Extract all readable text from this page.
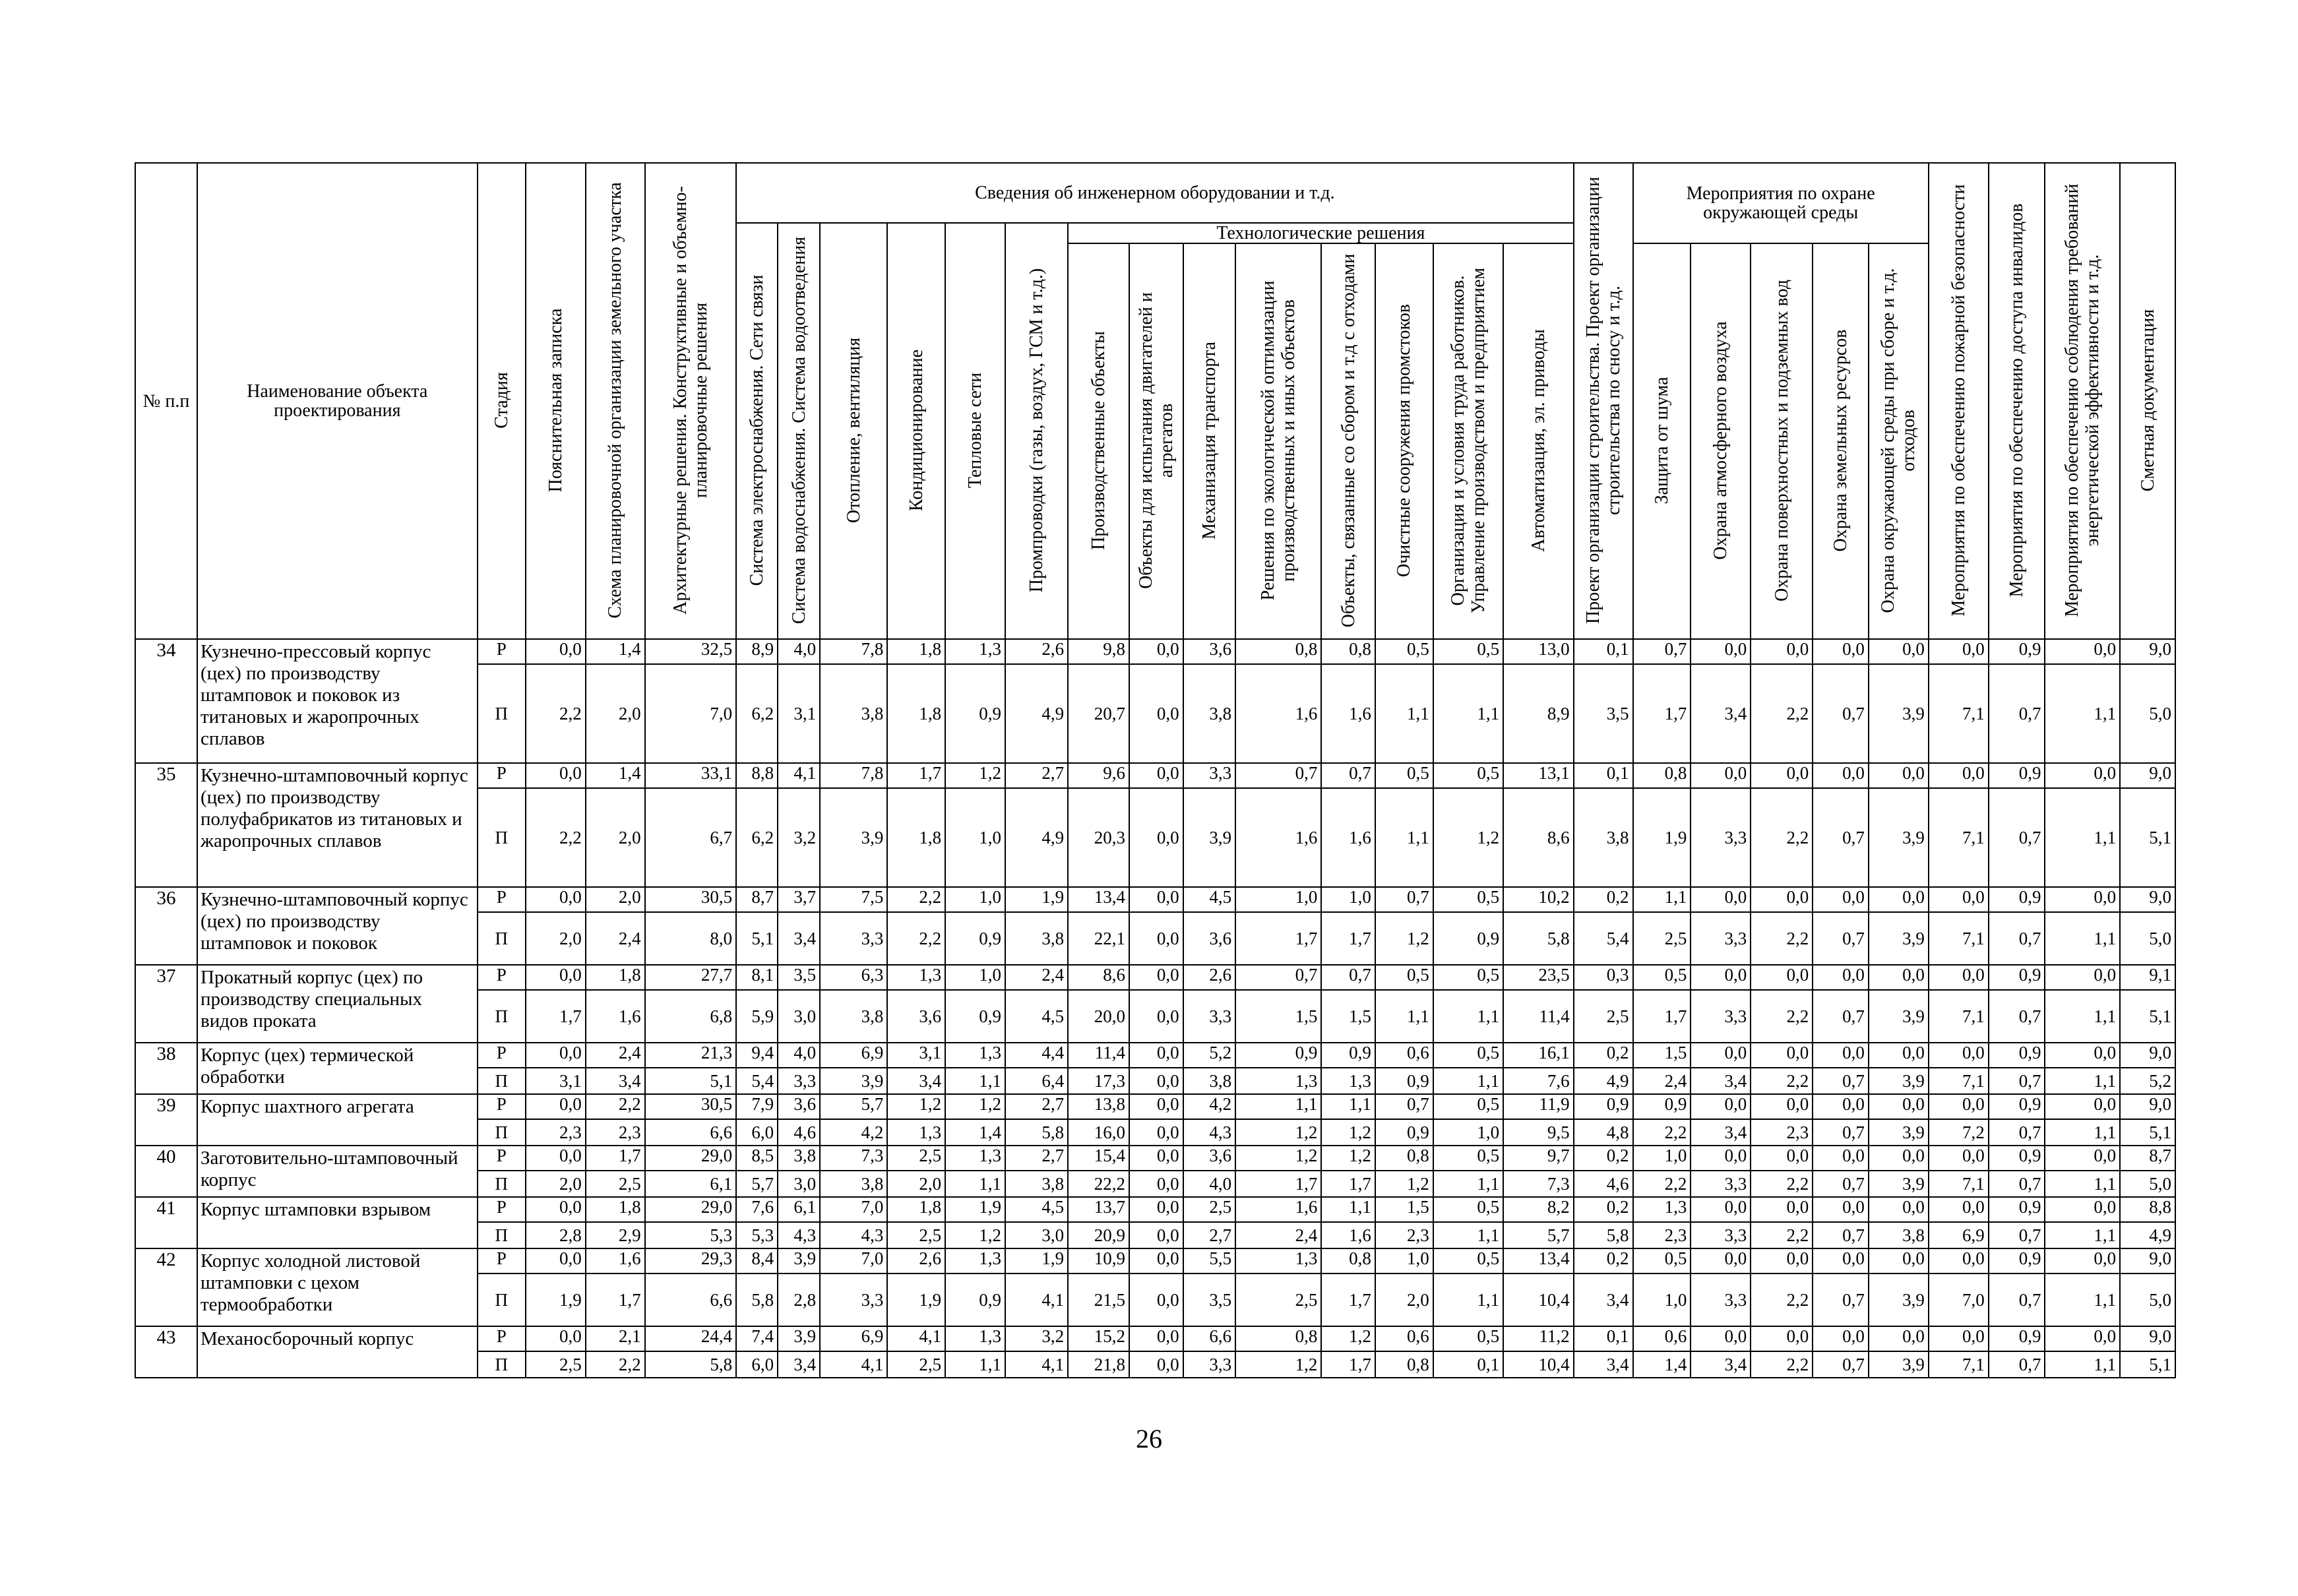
№ п.п	Наименование объекта проектирования	Стадия	Пояснительная записка	Схема планировочной организации земельного участка	Архитектурные решения. Конструктивные и объемно-планировочные решения	Сведения об инженерном оборудовании и т.д.														Проект организации строительства. Проект организации строительства по сносу и т.д.	Мероприятия по охране окружающей среды					Мероприятия по обеспечению пожарной безопасности	Мероприятия по обеспечению доступа инвалидов	Мероприятия по обеспечению соблюдения требований энергетической эффективности и т.д.	Сметная документация

						Система электроснабжения. Сети связи	Система водоснабжения. Система водоотведения	Отопление, вентиляция	Кондиционирование	Тепловые сети	Промпроводки (газы, воздух, ГСМ и т.д.)	Технологические решения																	

												Производственные объекты	Объекты для испытания двигателей и агрегатов	Механизация транспорта	Решения по экологической оптимизации производственных и иных объектов	Объекты, связанные со сбором и т.д с отходами	Очистные сооружения промстоков	Организация и условия труда работников. Управление производством и предприятием	Автоматизация, эл. приводы		Защита от шума	Охрана атмосферного воздуха	Охрана поверхностных и подземных вод	Охрана земельных ресурсов	Охрана окружающей среды при сборе и т.д. отходов				

34	Кузнечно-прессовый корпус (цех) по производству штамповок и поковок из титановых и жаропрочных сплавов	Р	0,0	1,4	32,5	8,9	4,0	7,8	1,8	1,3	2,6	9,8	0,0	3,6	0,8	0,8	0,5	0,5	13,0	0,1	0,7	0,0	0,0	0,0	0,0	0,0	0,9	0,0	9,0
		П	2,2	2,0	7,0	6,2	3,1	3,8	1,8	0,9	4,9	20,7	0,0	3,8	1,6	1,6	1,1	1,1	8,9	3,5	1,7	3,4	2,2	0,7	3,9	7,1	0,7	1,1	5,0
35	Кузнечно-штамповочный корпус (цех) по производству полуфабрикатов из титановых и жаропрочных сплавов	Р	0,0	1,4	33,1	8,8	4,1	7,8	1,7	1,2	2,7	9,6	0,0	3,3	0,7	0,7	0,5	0,5	13,1	0,1	0,8	0,0	0,0	0,0	0,0	0,0	0,9	0,0	9,0
		П	2,2	2,0	6,7	6,2	3,2	3,9	1,8	1,0	4,9	20,3	0,0	3,9	1,6	1,6	1,1	1,2	8,6	3,8	1,9	3,3	2,2	0,7	3,9	7,1	0,7	1,1	5,1
36	Кузнечно-штамповочный корпус (цех) по производству штамповок и поковок	Р	0,0	2,0	30,5	8,7	3,7	7,5	2,2	1,0	1,9	13,4	0,0	4,5	1,0	1,0	0,7	0,5	10,2	0,2	1,1	0,0	0,0	0,0	0,0	0,0	0,9	0,0	9,0
		П	2,0	2,4	8,0	5,1	3,4	3,3	2,2	0,9	3,8	22,1	0,0	3,6	1,7	1,7	1,2	0,9	5,8	5,4	2,5	3,3	2,2	0,7	3,9	7,1	0,7	1,1	5,0
37	Прокатный корпус (цех) по производству специальных видов проката	Р	0,0	1,8	27,7	8,1	3,5	6,3	1,3	1,0	2,4	8,6	0,0	2,6	0,7	0,7	0,5	0,5	23,5	0,3	0,5	0,0	0,0	0,0	0,0	0,0	0,9	0,0	9,1
		П	1,7	1,6	6,8	5,9	3,0	3,8	3,6	0,9	4,5	20,0	0,0	3,3	1,5	1,5	1,1	1,1	11,4	2,5	1,7	3,3	2,2	0,7	3,9	7,1	0,7	1,1	5,1
38	Корпус (цех) термической обработки	Р	0,0	2,4	21,3	9,4	4,0	6,9	3,1	1,3	4,4	11,4	0,0	5,2	0,9	0,9	0,6	0,5	16,1	0,2	1,5	0,0	0,0	0,0	0,0	0,0	0,9	0,0	9,0
		П	3,1	3,4	5,1	5,4	3,3	3,9	3,4	1,1	6,4	17,3	0,0	3,8	1,3	1,3	0,9	1,1	7,6	4,9	2,4	3,4	2,2	0,7	3,9	7,1	0,7	1,1	5,2
39	Корпус шахтного агрегата	Р	0,0	2,2	30,5	7,9	3,6	5,7	1,2	1,2	2,7	13,8	0,0	4,2	1,1	1,1	0,7	0,5	11,9	0,9	0,9	0,0	0,0	0,0	0,0	0,0	0,9	0,0	9,0
		П	2,3	2,3	6,6	6,0	4,6	4,2	1,3	1,4	5,8	16,0	0,0	4,3	1,2	1,2	0,9	1,0	9,5	4,8	2,2	3,4	2,3	0,7	3,9	7,2	0,7	1,1	5,1
40	Заготовительно-штамповочный корпус	Р	0,0	1,7	29,0	8,5	3,8	7,3	2,5	1,3	2,7	15,4	0,0	3,6	1,2	1,2	0,8	0,5	9,7	0,2	1,0	0,0	0,0	0,0	0,0	0,0	0,9	0,0	8,7
		П	2,0	2,5	6,1	5,7	3,0	3,8	2,0	1,1	3,8	22,2	0,0	4,0	1,7	1,7	1,2	1,1	7,3	4,6	2,2	3,3	2,2	0,7	3,9	7,1	0,7	1,1	5,0
41	Корпус штамповки взрывом	Р	0,0	1,8	29,0	7,6	6,1	7,0	1,8	1,9	4,5	13,7	0,0	2,5	1,6	1,1	1,5	0,5	8,2	0,2	1,3	0,0	0,0	0,0	0,0	0,0	0,9	0,0	8,8
		П	2,8	2,9	5,3	5,3	4,3	4,3	2,5	1,2	3,0	20,9	0,0	2,7	2,4	1,6	2,3	1,1	5,7	5,8	2,3	3,3	2,2	0,7	3,8	6,9	0,7	1,1	4,9
42	Корпус холодной листовой штамповки с цехом термообработки	Р	0,0	1,6	29,3	8,4	3,9	7,0	2,6	1,3	1,9	10,9	0,0	5,5	1,3	0,8	1,0	0,5	13,4	0,2	0,5	0,0	0,0	0,0	0,0	0,0	0,9	0,0	9,0
		П	1,9	1,7	6,6	5,8	2,8	3,3	1,9	0,9	4,1	21,5	0,0	3,5	2,5	1,7	2,0	1,1	10,4	3,4	1,0	3,3	2,2	0,7	3,9	7,0	0,7	1,1	5,0
43	Механосборочный корпус	Р	0,0	2,1	24,4	7,4	3,9	6,9	4,1	1,3	3,2	15,2	0,0	6,6	0,8	1,2	0,6	0,5	11,2	0,1	0,6	0,0	0,0	0,0	0,0	0,0	0,9	0,0	9,0
		П	2,5	2,2	5,8	6,0	3,4	4,1	2,5	1,1	4,1	21,8	0,0	3,3	1,2	1,7	0,8	0,1	10,4	3,4	1,4	3,4	2,2	0,7	3,9	7,1	0,7	1,1	5,1
26
